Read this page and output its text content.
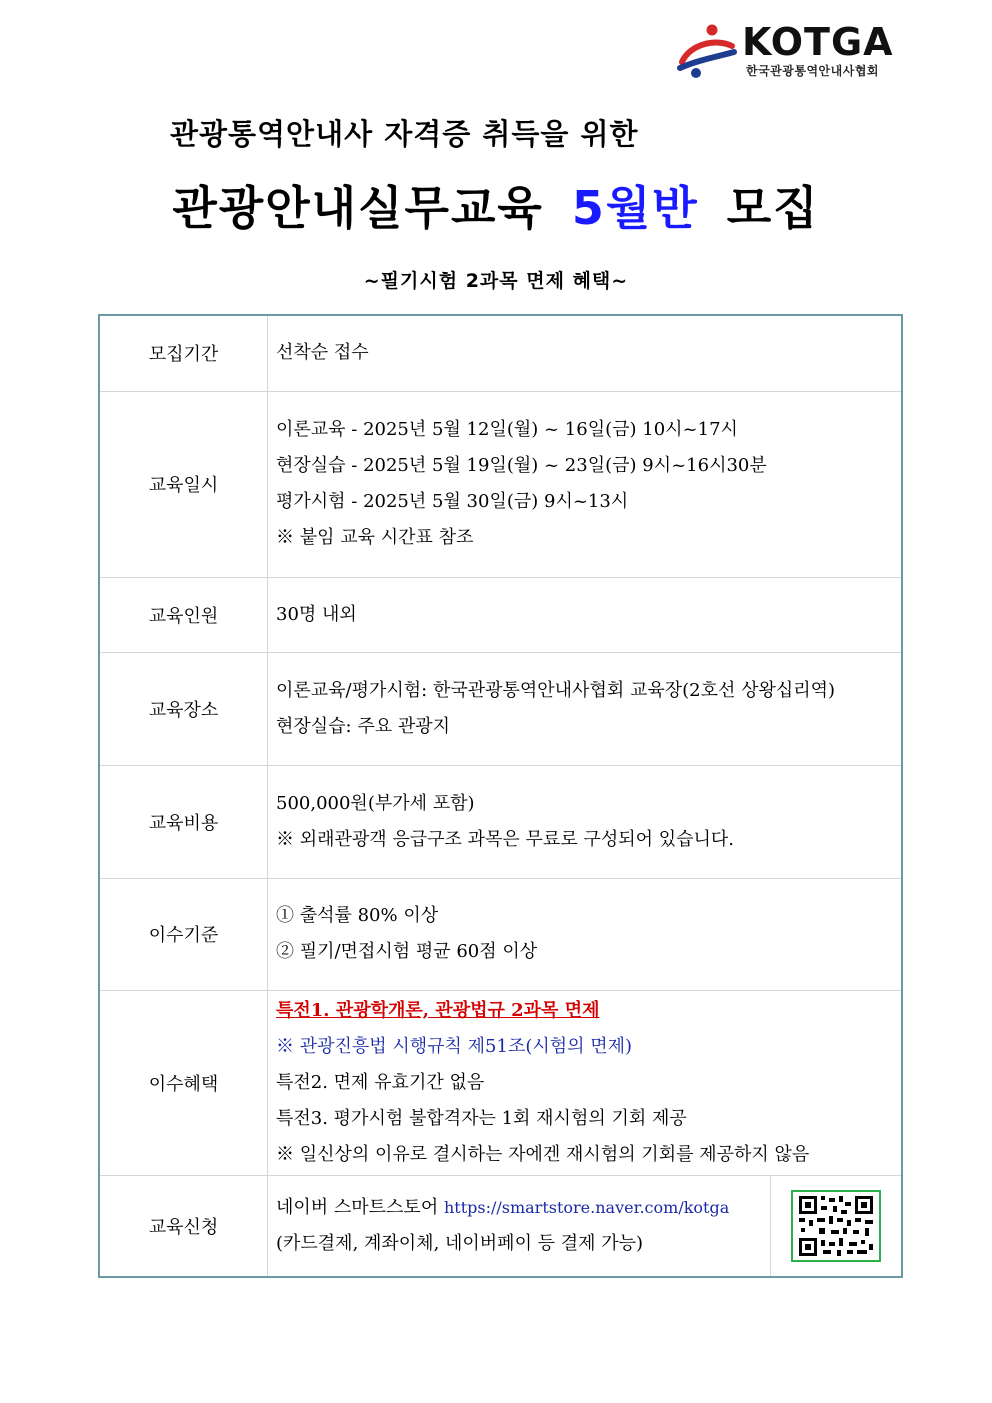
KOTGA
한국관광통역안내사협회
관광통역안내사 자격증 취득을 위한
관광안내실무교육 5월반 모집
~필기시험 2과목 면제 혜택~
모집기간	선착순 접수	

교육일시	이론교육 - 2025년 5월 12일(월) ~ 16일(금) 10시~17시
현장실습 - 2025년 5월 19일(월) ~ 23일(금) 9시~16시30분
평가시험 - 2025년 5월 30일(금) 9시~13시
※ 붙임 교육 시간표 참조	

교육인원	30명 내외	

교육장소	이론교육/평가시험: 한국관광통역안내사협회 교육장(2호선 상왕십리역)
현장실습: 주요 관광지	

교육비용	500,000원(부가세 포함)
※ 외래관광객 응급구조 과목은 무료로 구성되어 있습니다.	

이수기준	① 출석률 80% 이상
② 필기/면접시험 평균 60점 이상	

이수혜택	특전1. 관광학개론, 관광법규 2과목 면제
※ 관광진흥법 시행규칙 제51조(시험의 면제)
특전2. 면제 유효기간 없음
특전3. 평가시험 불합격자는 1회 재시험의 기회 제공
※ 일신상의 이유로 결시하는 자에겐 재시험의 기회를 제공하지 않음	

교육신청	네이버 스마트스토어 https://smartstore.naver.com/kotga
(카드결제, 계좌이체, 네이버페이 등 결제 가능)
